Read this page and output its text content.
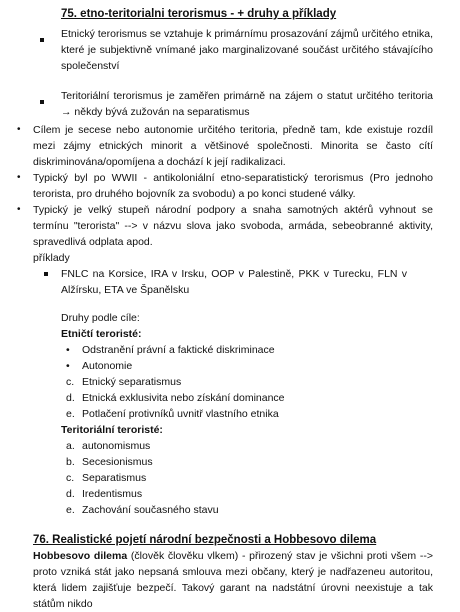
75. etno-teritorialni terorismus - + druhy a příklady
Etnický terorismus se vztahuje k primárnímu prosazování zájmů určitého etnika, které je subjektivně vnímané jako marginalizované součást určitého stávajícího společenství
Teritoriální terorismus je zaměřen primárně na zájem o statut určitého teritoria → někdy bývá zužován na separatismus
• Cílem je secese nebo autonomie určitého teritoria, předně tam, kde existuje rozdíl mezi zájmy etnických minorit a většinové společnosti. Minorita se často cítí diskriminována/opomíjena a dochází k její radikalizaci.
• Typický byl po WWII - antikoloniální etno-separatistický terorismus (Pro jednoho terorista, pro druhého bojovník za svobodu) a po konci studené války.
• Typický je velký stupeň národní podpory a snaha samotných aktérů vyhnout se termínu "terorista" --> v názvu slova jako svoboda, armáda, sebeobranné aktivity, spravedlivá odplata apod.
příklady
FNLC na Korsice, IRA v Irsku, OOP v Palestině, PKK v Turecku, FLN v Alžírsku, ETA ve Španělsku
Druhy podle cíle:
Etničtí teroristé:
• Odstranění právní a faktické diskriminace
• Autonomie
c. Etnický separatismus
d. Etnická exklusivita nebo získání dominance
e. Potlačení protivníků uvnitř vlastního etnika
Teritoriální teroristé:
a. autonomismus
b. Secesionismus
c. Separatismus
d. Iredentismus
e. Zachování současného stavu
76. Realistické pojetí národní bezpečnosti a Hobbesovo dilema
Hobbesovo dilema (člověk člověku vlkem) - přirozený stav je všichni proti všem --> proto vzniká stát jako nepsaná smlouva mezi občany, který je nadřazeneu autoritou, která lidem zajišťuje bezpečí. Takový garant na nadstátní úrovni neexistuje a tak státům nikdo
